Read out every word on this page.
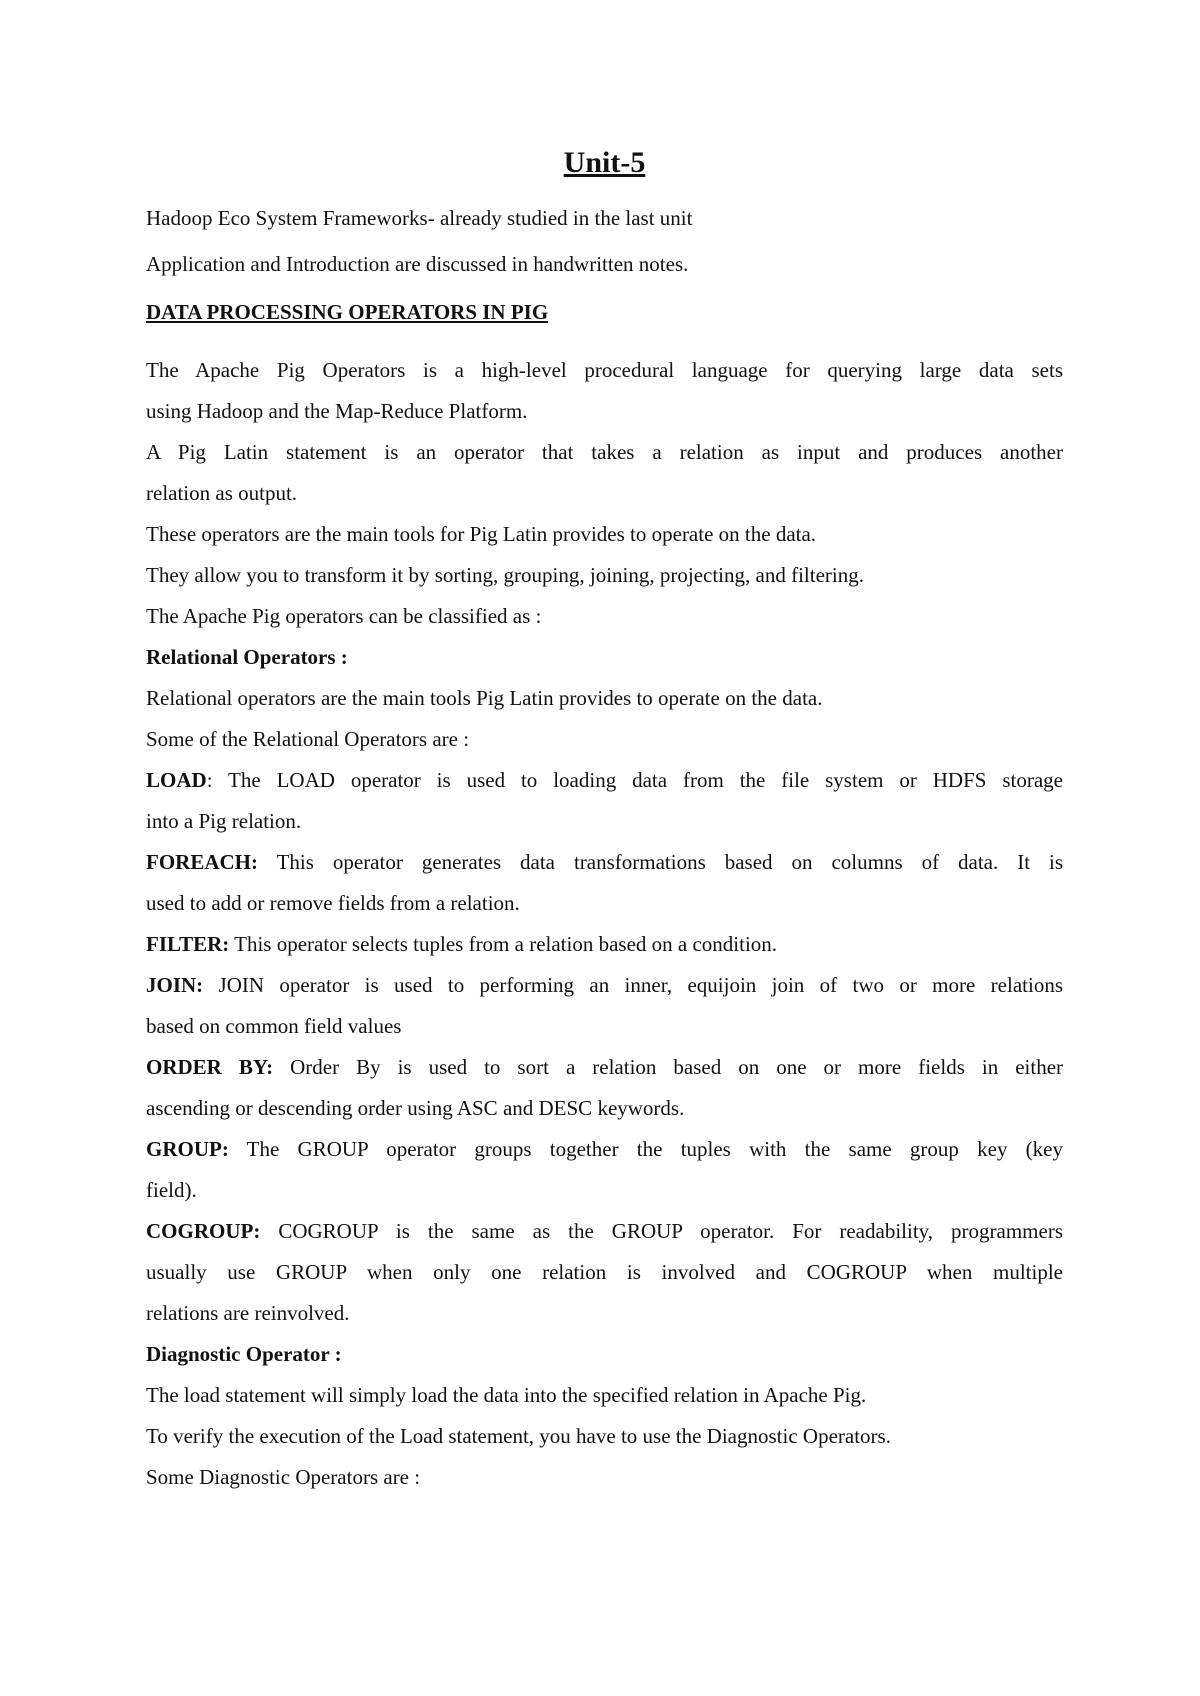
Unit-5
Hadoop Eco System Frameworks- already studied in the last unit
Application and Introduction are discussed in handwritten notes.
DATA PROCESSING OPERATORS IN PIG
The Apache Pig Operators is a high-level procedural language for querying large data sets
using Hadoop and the Map-Reduce Platform.
A Pig Latin statement is an operator that takes a relation as input and produces another
relation as output.
These operators are the main tools for Pig Latin provides to operate on the data.
They allow you to transform it by sorting, grouping, joining, projecting, and filtering.
The Apache Pig operators can be classified as :
Relational Operators :
Relational operators are the main tools Pig Latin provides to operate on the data.
Some of the Relational Operators are :
LOAD: The LOAD operator is used to loading data from the file system or HDFS storage
into a Pig relation.
FOREACH: This operator generates data transformations based on columns of data. It is
used to add or remove fields from a relation.
FILTER: This operator selects tuples from a relation based on a condition.
JOIN: JOIN operator is used to performing an inner, equijoin join of two or more relations
based on common field values
ORDER BY: Order By is used to sort a relation based on one or more fields in either
ascending or descending order using ASC and DESC keywords.
GROUP: The GROUP operator groups together the tuples with the same group key (key
field).
COGROUP: COGROUP is the same as the GROUP operator. For readability, programmers
usually use GROUP when only one relation is involved and COGROUP when multiple
relations are reinvolved.
Diagnostic Operator :
The load statement will simply load the data into the specified relation in Apache Pig.
To verify the execution of the Load statement, you have to use the Diagnostic Operators.
Some Diagnostic Operators are :
